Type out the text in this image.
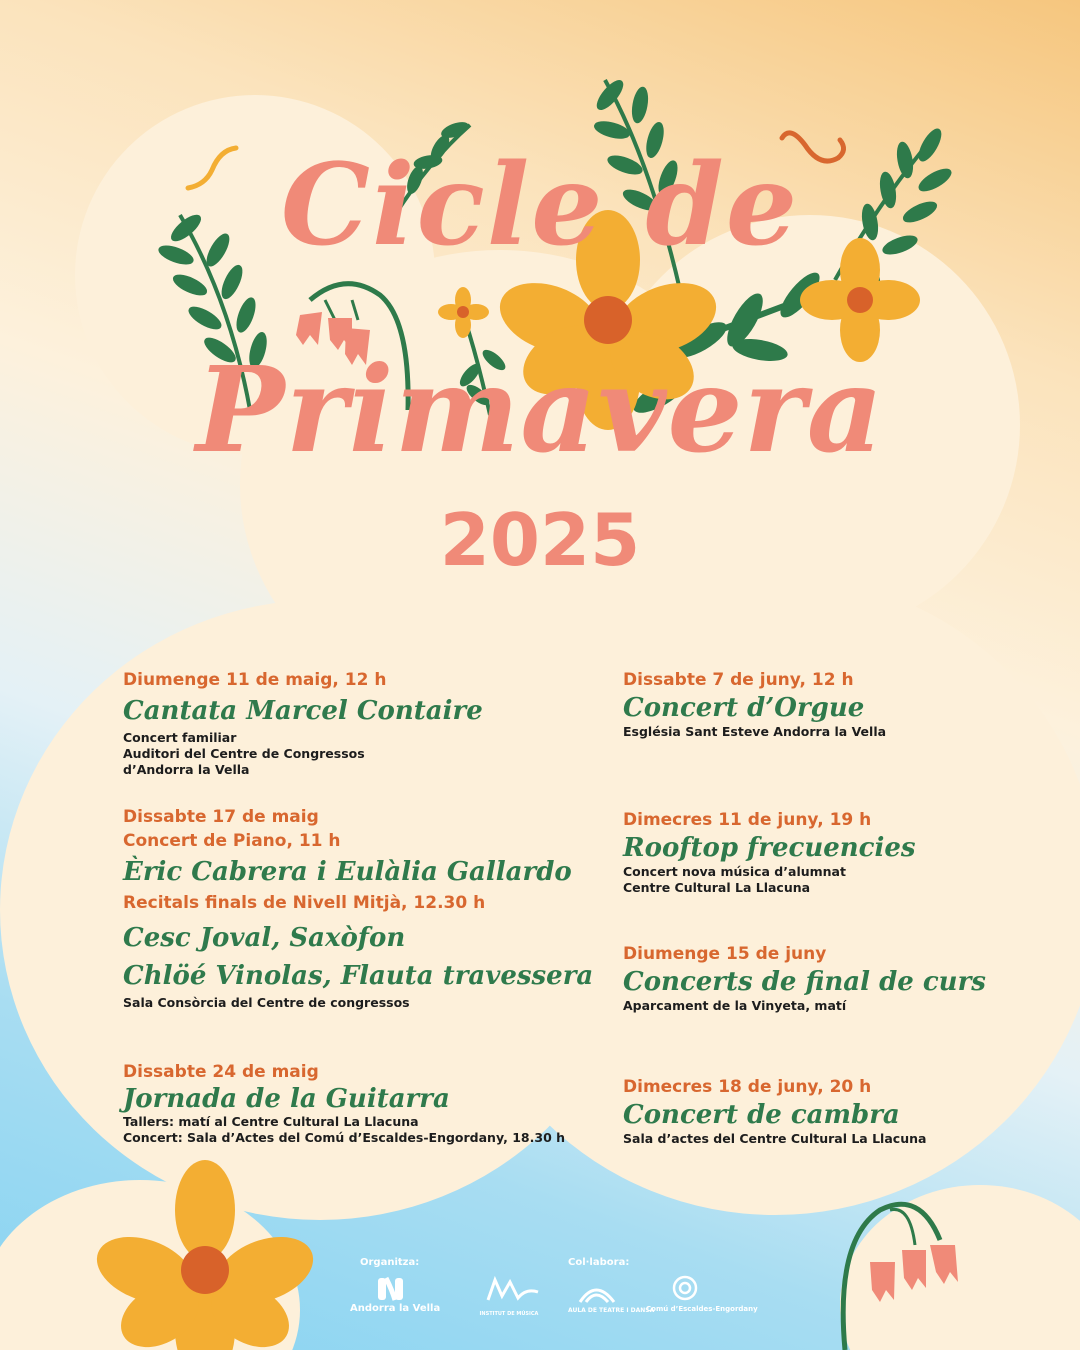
Cicle de
Primavera
2025
Diumenge 11 de maig, 12 h
Cantata Marcel Contaire
Concert familiar
Auditori del Centre de Congressos
d’Andorra la Vella
Dissabte 17 de maig
Concert de Piano, 11 h
Èric Cabrera i Eulàlia Gallardo
Recitals finals de Nivell Mitjà, 12.30 h
Cesc Joval, Saxòfon
Chlöé Vinolas, Flauta travessera
Sala Consòrcia del Centre de congressos
Dissabte 24 de maig
Jornada de la Guitarra
Tallers: matí al Centre Cultural La Llacuna
Concert: Sala d’Actes del Comú d’Escaldes-Engordany, 18.30 h
Dissabte 7 de juny, 12 h
Concert d’Orgue
Església Sant Esteve Andorra la Vella
Dimecres 11 de juny, 19 h
Rooftop frecuencies
Concert nova música d’alumnat
Centre Cultural La Llacuna
Diumenge 15 de juny
Concerts de final de curs
Aparcament de la Vinyeta, matí
Dimecres 18 de juny, 20 h
Concert de cambra
Sala d’actes del Centre Cultural La Llacuna
Organitza:	Col·labora:
Andorra la Vella	INSTITUT DE MÚSICA	AULA DE TEATRE I DANSA
Comú d’Escaldes-Engordany
